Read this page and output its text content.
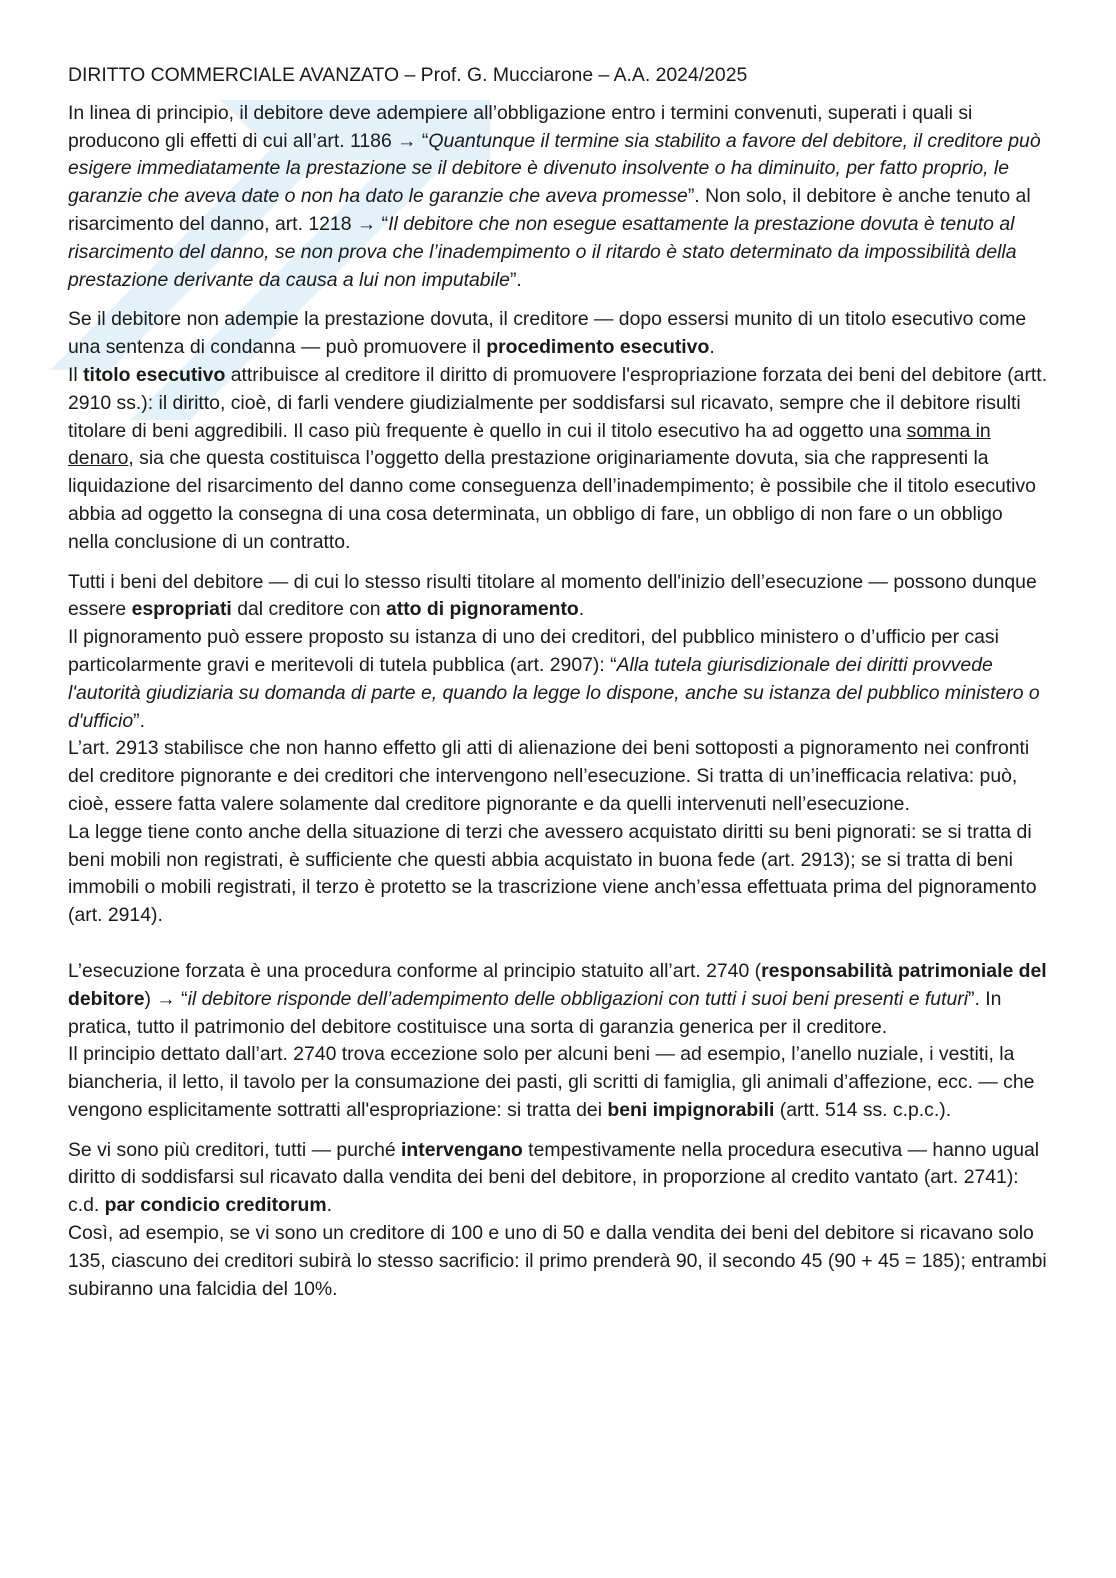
DIRITTO COMMERCIALE AVANZATO – Prof. G. Mucciarone – A.A. 2024/2025

In linea di principio, il debitore deve adempiere all’obbligazione entro i termini convenuti, superati i quali si producono gli effetti di cui all’art. 1186 → “Quantunque il termine sia stabilito a favore del debitore, il creditore può esigere immediatamente la prestazione se il debitore è divenuto insolvente o ha diminuito, per fatto proprio, le garanzie che aveva date o non ha dato le garanzie che aveva promesse”. Non solo, il debitore è anche tenuto al risarcimento del danno, art. 1218 → “Il debitore che non esegue esattamente la prestazione dovuta è tenuto al risarcimento del danno, se non prova che l’inadempimento o il ritardo è stato determinato da impossibilità della prestazione derivante da causa a lui non imputabile”.

Se il debitore non adempie la prestazione dovuta, il creditore — dopo essersi munito di un titolo esecutivo come una sentenza di condanna — può promuovere il procedimento esecutivo.

Il titolo esecutivo attribuisce al creditore il diritto di promuovere l'espropriazione forzata dei beni del debitore (artt. 2910 ss.): il diritto, cioè, di farli vendere giudizialmente per soddisfarsi sul ricavato, sempre che il debitore risulti titolare di beni aggredibili. Il caso più frequente è quello in cui il titolo esecutivo ha ad oggetto una somma in denaro, sia che questa costituisca l’oggetto della prestazione originariamente dovuta, sia che rappresenti la liquidazione del risarcimento del danno come conseguenza dell’inadempimento; è possibile che il titolo esecutivo abbia ad oggetto la consegna di una cosa determinata, un obbligo di fare, un obbligo di non fare o un obbligo nella conclusione di un contratto.

Tutti i beni del debitore — di cui lo stesso risulti titolare al momento dell'inizio dell’esecuzione — possono dunque essere espropriati dal creditore con atto di pignoramento.

Il pignoramento può essere proposto su istanza di uno dei creditori, del pubblico ministero o d’ufficio per casi particolarmente gravi e meritevoli di tutela pubblica (art. 2907): “Alla tutela giurisdizionale dei diritti provvede l'autorità giudiziaria su domanda di parte e, quando la legge lo dispone, anche su istanza del pubblico ministero o d'ufficio”.

L’art. 2913 stabilisce che non hanno effetto gli atti di alienazione dei beni sottoposti a pignoramento nei confronti del creditore pignorante e dei creditori che intervengono nell’esecuzione. Si tratta di un’inefficacia relativa: può, cioè, essere fatta valere solamente dal creditore pignorante e da quelli intervenuti nell’esecuzione.

La legge tiene conto anche della situazione di terzi che avessero acquistato diritti su beni pignorati: se si tratta di beni mobili non registrati, è sufficiente che questi abbia acquistato in buona fede (art. 2913); se si tratta di beni immobili o mobili registrati, il terzo è protetto se la trascrizione viene anch’essa effettuata prima del pignoramento (art. 2914).

L’esecuzione forzata è una procedura conforme al principio statuito all’art. 2740 (responsabilità patrimoniale del debitore) → “il debitore risponde dell’adempimento delle obbligazioni con tutti i suoi beni presenti e futuri”. In pratica, tutto il patrimonio del debitore costituisce una sorta di garanzia generica per il creditore.

Il principio dettato dall’art. 2740 trova eccezione solo per alcuni beni — ad esempio, l’anello nuziale, i vestiti, la biancheria, il letto, il tavolo per la consumazione dei pasti, gli scritti di famiglia, gli animali d’affezione, ecc. — che vengono esplicitamente sottratti all'espropriazione: si tratta dei beni impignorabili (artt. 514 ss. c.p.c.).

Se vi sono più creditori, tutti — purché intervengano tempestivamente nella procedura esecutiva — hanno ugual diritto di soddisfarsi sul ricavato dalla vendita dei beni del debitore, in proporzione al credito vantato (art. 2741): c.d. par condicio creditorum.

Così, ad esempio, se vi sono un creditore di 100 e uno di 50 e dalla vendita dei beni del debitore si ricavano solo 135, ciascuno dei creditori subirà lo stesso sacrificio: il primo prenderà 90, il secondo 45 (90 + 45 = 185); entrambi subiranno una falcidia del 10%.
